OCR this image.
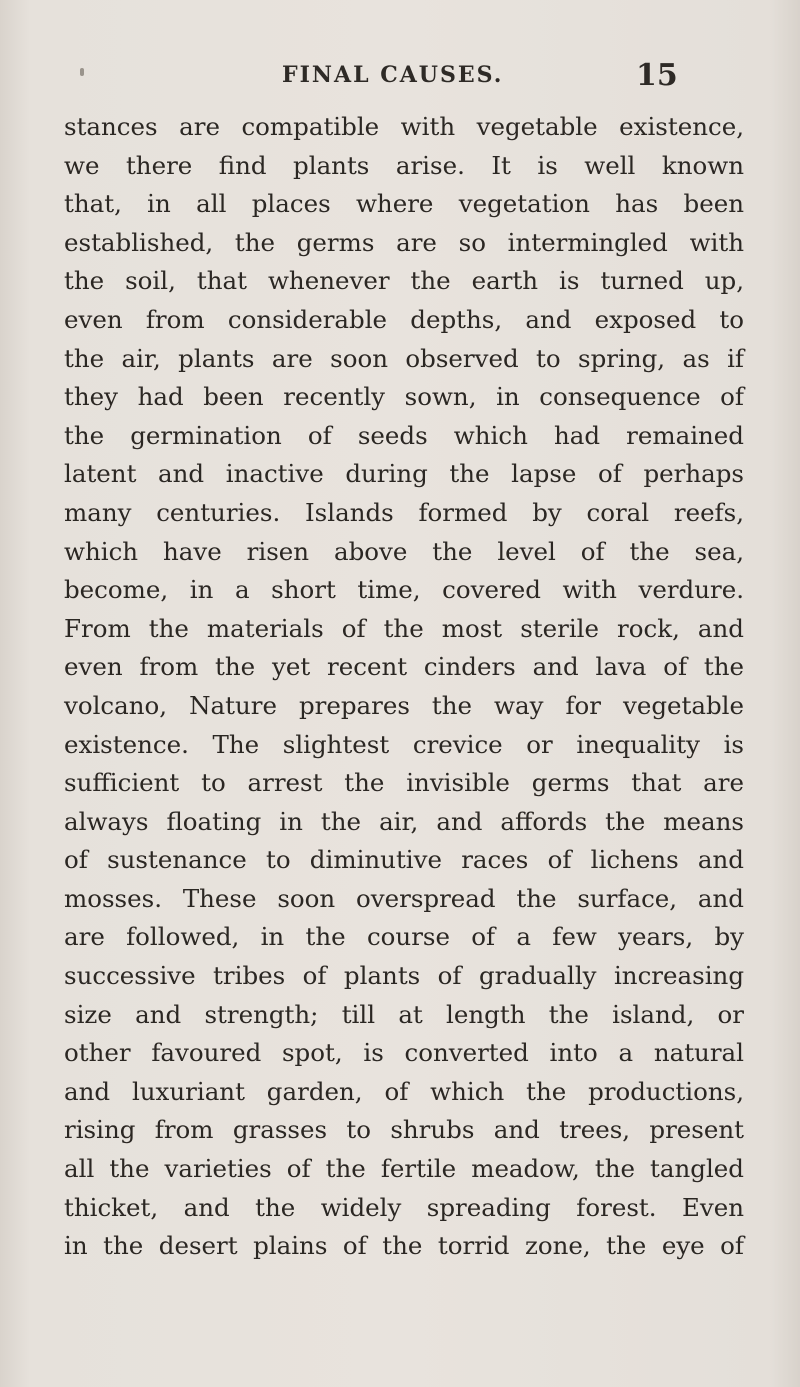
FINAL CAUSES.	15
stances are compatible with vegetable existence,
we there find plants arise. It is well known
that, in all places where vegetation has been
established, the germs are so intermingled with
the soil, that whenever the earth is turned up,
even from considerable depths, and exposed to
the air, plants are soon observed to spring, as if
they had been recently sown, in consequence of
the germination of seeds which had remained
latent and inactive during the lapse of perhaps
many centuries. Islands formed by coral reefs,
which have risen above the level of the sea,
become, in a short time, covered with verdure.
From the materials of the most sterile rock, and
even from the yet recent cinders and lava of the
volcano, Nature prepares the way for vegetable
existence. The slightest crevice or inequality is
sufficient to arrest the invisible germs that are
always floating in the air, and affords the means
of sustenance to diminutive races of lichens and
mosses. These soon overspread the surface, and
are followed, in the course of a few years, by
successive tribes of plants of gradually increasing
size and strength; till at length the island, or
other favoured spot, is converted into a natural
and luxuriant garden, of which the productions,
rising from grasses to shrubs and trees, present
all the varieties of the fertile meadow, the tangled
thicket, and the widely spreading forest. Even
in the desert plains of the torrid zone, the eye of
